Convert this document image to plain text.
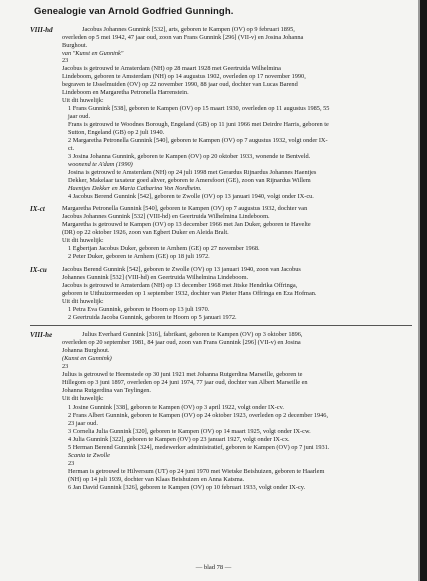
Genealogie van Arnold Godfried Gunningh.
VIII-hd	Jacobus Johannes Gunnink [532], arts, geboren te Kampen (OV) op 9 februari 1895,
overleden op 5 mei 1942, 47 jaar oud, zoon van Frans Gunnink [296] (VII-v) en Josina Johanna
Burghout.
van "Kunst en Gunnink"
23
Jacobus is getrouwd te Amsterdam (NH) op 28 maart 1928 met Geertruida Wilhelmina
Lindeboom, geboren te Amsterdam (NH) op 14 augustus 1902, overleden op 17 november 1990,
begraven te IJsselmuiden (OV) op 22 november 1990, 88 jaar oud, dochter van Lucas Barend
Lindeboom en Margaretha Petronella Harrenstein.
Uit dit huwelijk:
1 Frans Gunnink [538], geboren te Kampen (OV) op 15 maart 1930, overleden op 11 augustus 1985, 55
jaar oud.
Frans is getrouwd te Woodnes Borough, Engeland (GB) op 11 juni 1966 met Deirdre Harris, geboren te
Sutton, Engeland (GB) op 2 juli 1940.
2 Margaretha Petronella Gunnink [540], geboren te Kampen (OV) op 7 augustus 1932, volgt onder IX-
ct.
3 Josina Johanna Gunnink, geboren te Kampen (OV) op 20 oktober 1933, wonende te Bentveld.
woonend te A'dam (1990)
Josina is getrouwd te Amsterdam (NH) op 24 juli 1998 met Gerardus Rijnardus Johannes Haentjes
Dekker, Makelaar taxateur goed altver, geboren te Amersfoort (GE), zoon van Rijnardus Willem
Haentjes Dekker en Maria Catharina Von Nordheim.
4 Jacobus Berend Gunnink [542], geboren te Zwolle (OV) op 13 januari 1940, volgt onder IX-cu.
IX-ct	Margaretha Petronella Gunnink [540], geboren te Kampen (OV) op 7 augustus 1932, dochter van
Jacobus Johannes Gunnink [532] (VIII-hd) en Geertruida Wilhelmina Lindeboom.
Margaretha is getrouwd te Kampen (OV) op 13 december 1966 met Jan Duker, geboren te Havelte
(DR) op 22 oktober 1926, zoon van Egbert Duker en Aleida Bralt.
Uit dit huwelijk:
1 Egbertjan Jacobus Duker, geboren te Arnhem (GE) op 27 november 1968.
2 Peter Duker, geboren te Arnhem (GE) op 18 juli 1972.
IX-cu Jacobus Berend Gunnink [542], geboren te Zwolle (OV) op 13 januari 1940, zoon van Jacobus
Johannes Gunnink [532] (VIII-hd) en Geertruida Wilhelmina Lindeboom.
Jacobus is getrouwd te Amsterdam (NH) op 13 december 1968 met Jitske Hendrika Offringa,
geboren te Uithuizermeeden op 1 september 1932, dochter van Pieter Hans Offringa en Eza Hofman.
Uit dit huwelijk:
1 Petra Eva Gunnink, geboren te Hoorn op 13 juli 1970.
2 Geertruida Jacoba Gunnink, geboren te Hoorn op 5 januari 1972.
VIII-he	Julius Everhard Gunnink [316], fabrikant, geboren te Kampen (OV) op 3 oktober 1896,
overleden op 20 september 1981, 84 jaar oud, zoon van Frans Gunnink [296] (VII-v) en Josina
Johanna Burghout.
(Kunst en Gunnink)
23
Julius is getrouwd te Heemstede op 30 juni 1921 met Johanna Rutgerdina Marseille, geboren te
Hillegom op 3 juni 1897, overleden op 24 juni 1974, 77 jaar oud, dochter van Albert Marseille en
Johanna Rutgerdina van Teylingen.
Uit dit huwelijk:
1 Josine Gunnink [338], geboren te Kampen (OV) op 3 april 1922, volgt onder IX-cv.
2 Frans Albert Gunnink, geboren te Kampen (OV) op 24 oktober 1923, overleden op 2 december 1946,
23 jaar oud.
3 Cornelia Julia Gunnink [320], geboren te Kampen (OV) op 14 maart 1925, volgt onder IX-cw.
4 Julia Gunnink [322], geboren te Kampen (OV) op 23 januari 1927, volgt onder IX-cx.
5 Herman Berend Gunnink [324], medewerker administratief, geboren te Kampen (OV) op 7 juni 1931.
Scania te Zwolle
23
Herman is getrouwd te Hilversum (UT) op 24 juni 1970 met Wietske Beishuizen, geboren te Haarlem
(NH) op 14 juli 1939, dochter van Klaas Beishuizen en Anna Katsma.
6 Jan David Gunnink [326], geboren te Kampen (OV) op 10 februari 1933, volgt onder IX-cy.
— blad 78 —
